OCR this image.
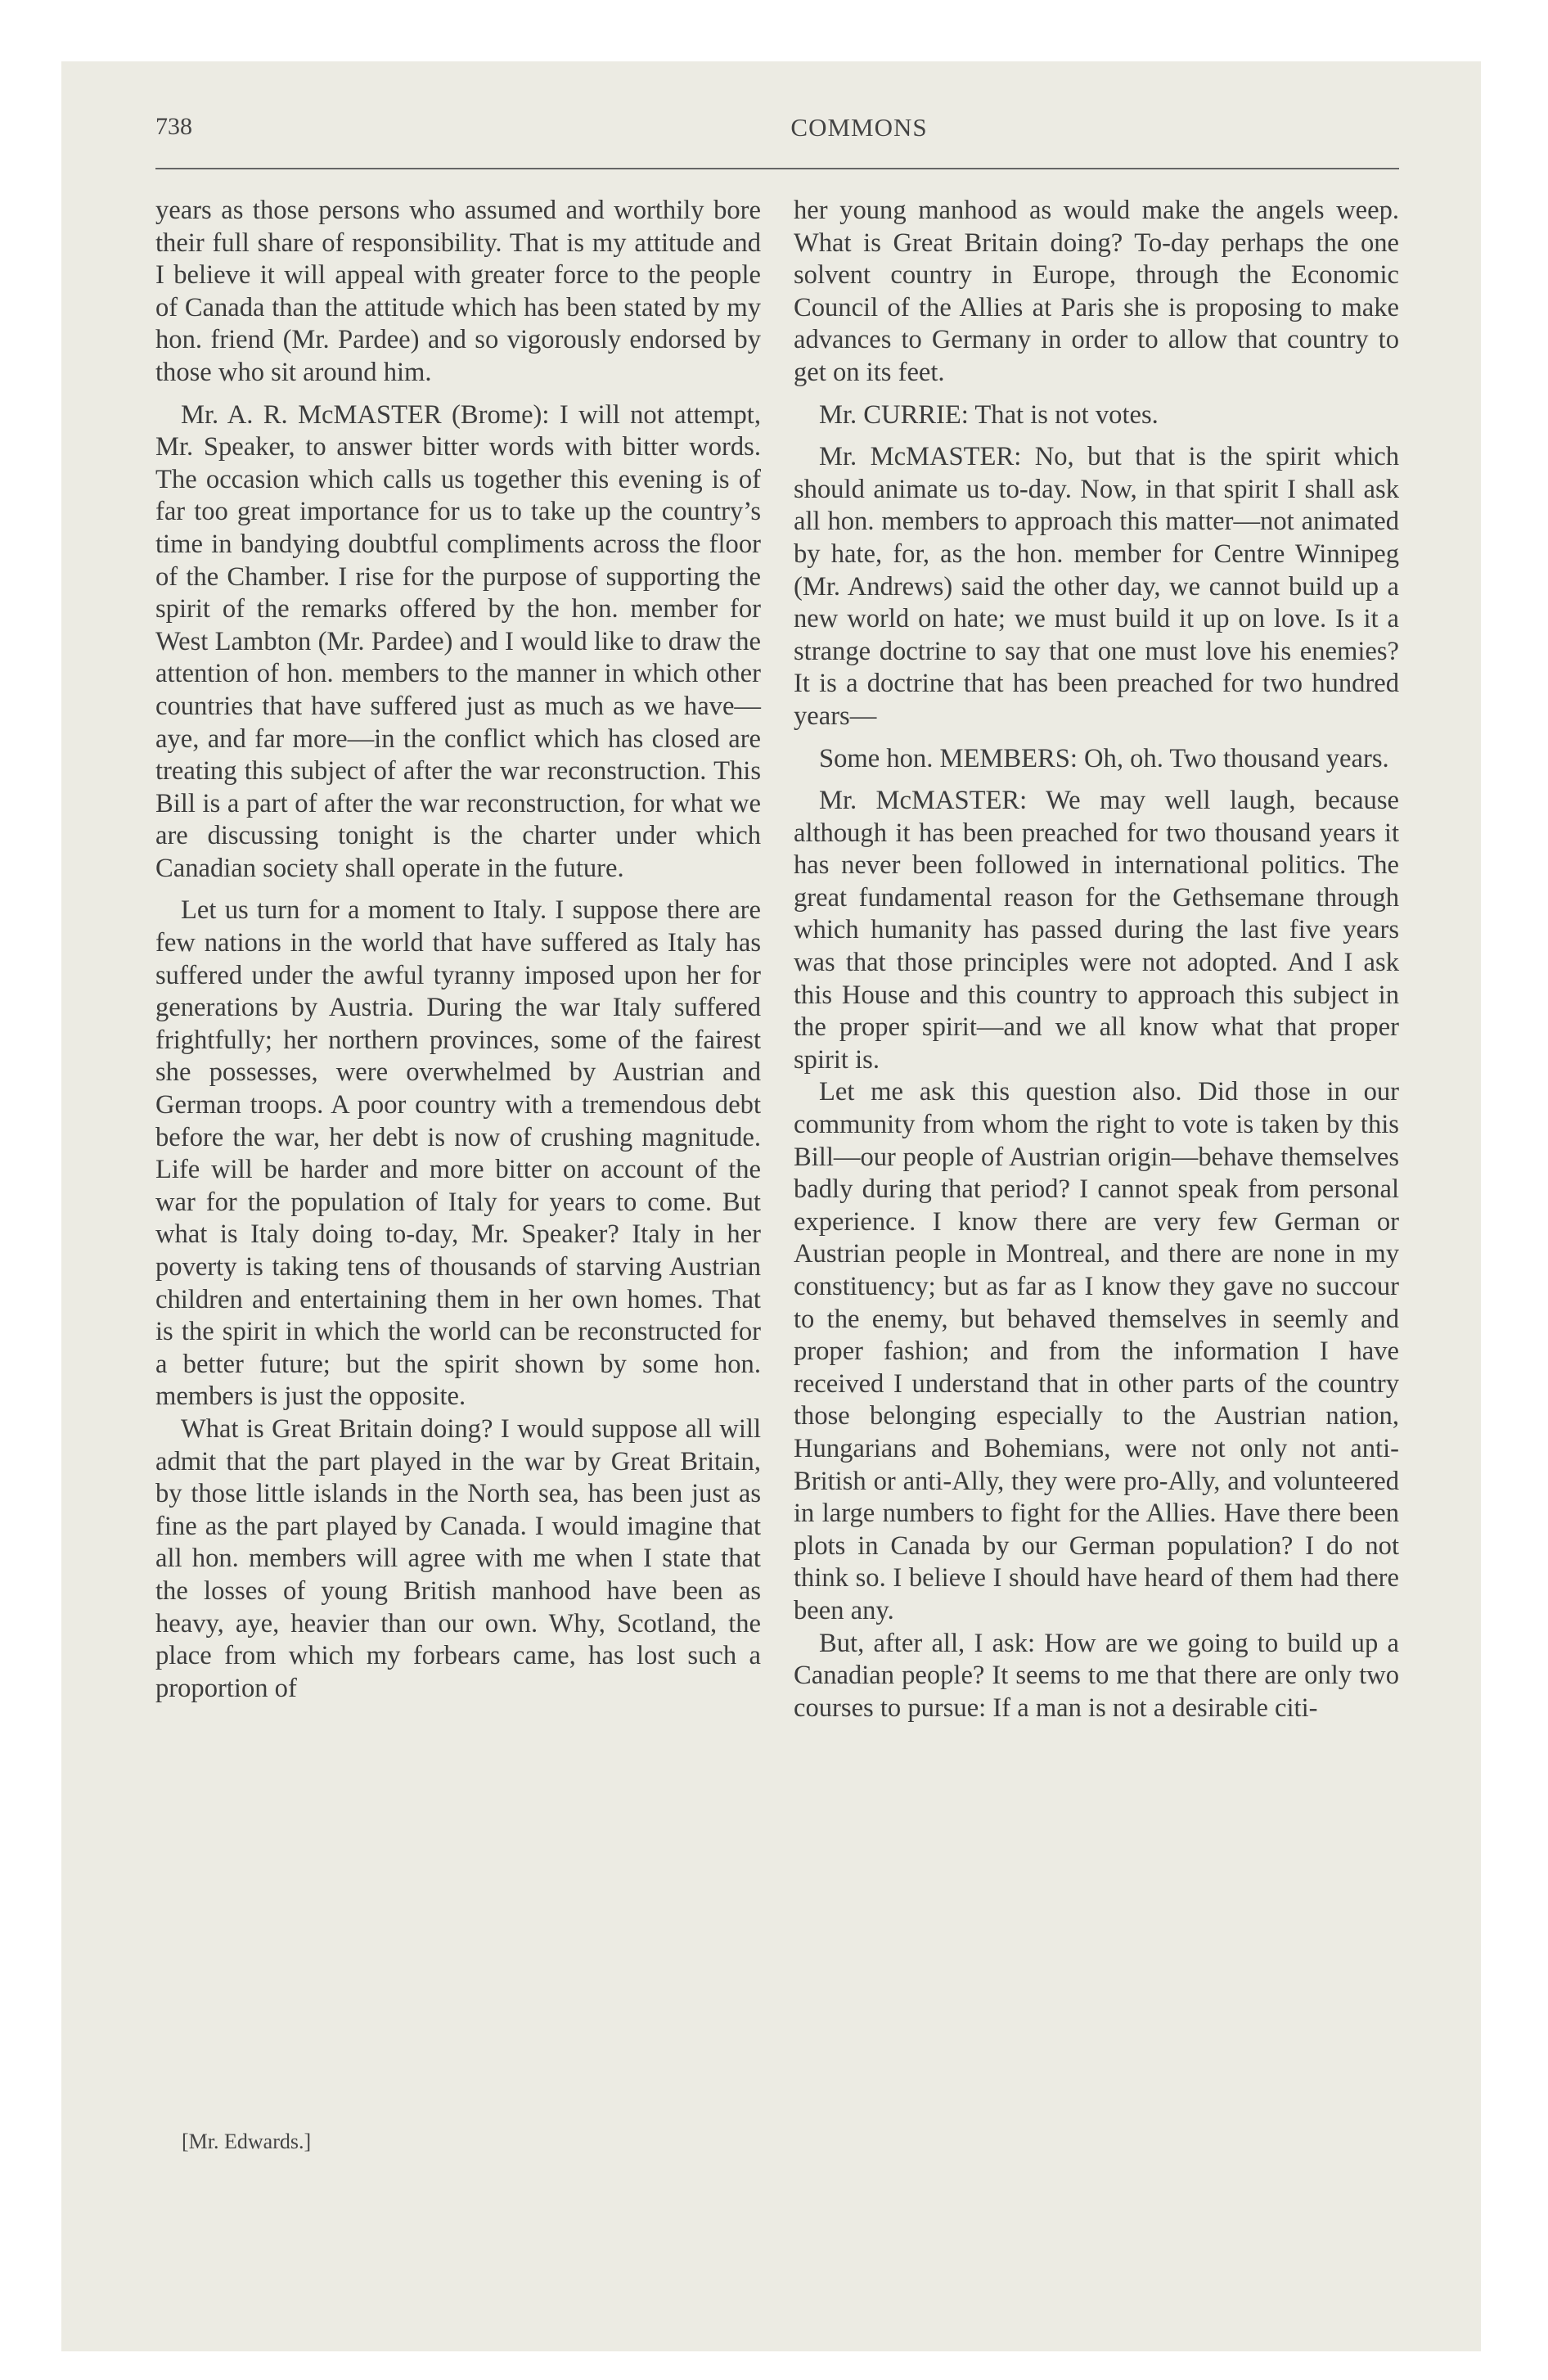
738	COMMONS

years as those persons who assumed and worthily bore their full share of responsibility. That is my attitude and I believe it will appeal with greater force to the people of Canada than the attitude which has been stated by my hon. friend (Mr. Pardee) and so vigorously endorsed by those who sit around him.

Mr. A. R. McMASTER (Brome): I will not attempt, Mr. Speaker, to answer bitter words with bitter words. The occasion which calls us together this evening is of far too great importance for us to take up the country’s time in bandying doubtful compliments across the floor of the Chamber. I rise for the purpose of supporting the spirit of the remarks offered by the hon. member for West Lambton (Mr. Pardee) and I would like to draw the attention of hon. members to the manner in which other countries that have suffered just as much as we have—aye, and far more—in the conflict which has closed are treating this subject of after the war reconstruction. This Bill is a part of after the war reconstruction, for what we are discussing tonight is the charter under which Canadian society shall operate in the future.

Let us turn for a moment to Italy. I suppose there are few nations in the world that have suffered as Italy has suffered under the awful tyranny imposed upon her for generations by Austria. During the war Italy suffered frightfully; her northern provinces, some of the fairest she possesses, were overwhelmed by Austrian and German troops. A poor country with a tremendous debt before the war, her debt is now of crushing magnitude. Life will be harder and more bitter on account of the war for the population of Italy for years to come. But what is Italy doing to-day, Mr. Speaker? Italy in her poverty is taking tens of thousands of starving Austrian children and entertaining them in her own homes. That is the spirit in which the world can be reconstructed for a better future; but the spirit shown by some hon. members is just the opposite.

What is Great Britain doing? I would suppose all will admit that the part played in the war by Great Britain, by those little islands in the North sea, has been just as fine as the part played by Canada. I would imagine that all hon. members will agree with me when I state that the losses of young British manhood have been as heavy, aye, heavier than our own. Why, Scotland, the place from which my forbears came, has lost such a proportion of

her young manhood as would make the angels weep. What is Great Britain doing? To-day perhaps the one solvent country in Europe, through the Economic Council of the Allies at Paris she is proposing to make advances to Germany in order to allow that country to get on its feet.

Mr. CURRIE: That is not votes.

Mr. McMASTER: No, but that is the spirit which should animate us to-day. Now, in that spirit I shall ask all hon. members to approach this matter—not animated by hate, for, as the hon. member for Centre Winnipeg (Mr. Andrews) said the other day, we cannot build up a new world on hate; we must build it up on love. Is it a strange doctrine to say that one must love his enemies? It is a doctrine that has been preached for two hundred years—

Some hon. MEMBERS: Oh, oh. Two thousand years.

Mr. McMASTER: We may well laugh, because although it has been preached for two thousand years it has never been followed in international politics. The great fundamental reason for the Gethsemane through which humanity has passed during the last five years was that those principles were not adopted. And I ask this House and this country to approach this subject in the proper spirit—and we all know what that proper spirit is.

Let me ask this question also. Did those in our community from whom the right to vote is taken by this Bill—our people of Austrian origin—behave themselves badly during that period? I cannot speak from personal experience. I know there are very few German or Austrian people in Montreal, and there are none in my constituency; but as far as I know they gave no succour to the enemy, but behaved themselves in seemly and proper fashion; and from the information I have received I understand that in other parts of the country those belonging especially to the Austrian nation, Hungarians and Bohemians, were not only not anti-British or anti-Ally, they were pro-Ally, and volunteered in large numbers to fight for the Allies. Have there been plots in Canada by our German population? I do not think so. I believe I should have heard of them had there been any.

But, after all, I ask: How are we going to build up a Canadian people? It seems to me that there are only two courses to pursue: If a man is not a desirable citi-

[Mr. Edwards.]
